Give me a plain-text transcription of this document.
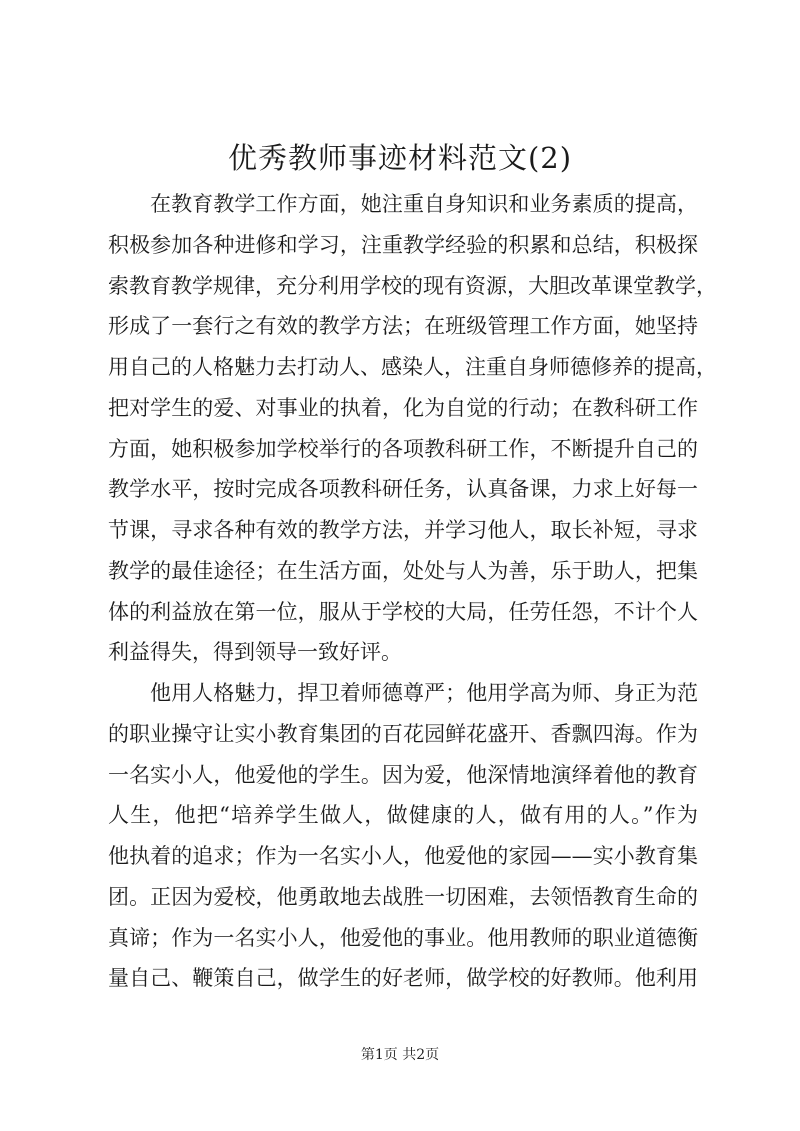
优秀教师事迹材料范文(2)
在教育教学工作方面，她注重自身知识和业务素质的提高，
积极参加各种进修和学习，注重教学经验的积累和总结，积极探
索教育教学规律，充分利用学校的现有资源，大胆改革课堂教学，
形成了一套行之有效的教学方法；在班级管理工作方面，她坚持
用自己的人格魅力去打动人、感染人，注重自身师德修养的提高，
把对学生的爱、对事业的执着，化为自觉的行动；在教科研工作
方面，她积极参加学校举行的各项教科研工作，不断提升自己的
教学水平，按时完成各项教科研任务，认真备课，力求上好每一
节课，寻求各种有效的教学方法，并学习他人，取长补短，寻求
教学的最佳途径；在生活方面，处处与人为善，乐于助人，把集
体的利益放在第一位，服从于学校的大局，任劳任怨，不计个人
利益得失，得到领导一致好评。
他用人格魅力，捍卫着师德尊严；他用学高为师、身正为范
的职业操守让实小教育集团的百花园鲜花盛开、香飘四海。作为
一名实小人，他爱他的学生。因为爱，他深情地演绎着他的教育
人生，他把“培养学生做人，做健康的人，做有用的人。”作为
他执着的追求；作为一名实小人，他爱他的家园——实小教育集
团。正因为爱校，他勇敢地去战胜一切困难，去领悟教育生命的
真谛；作为一名实小人，他爱他的事业。他用教师的职业道德衡
量自己、鞭策自己，做学生的好老师，做学校的好教师。他利用
第1页 共2页
